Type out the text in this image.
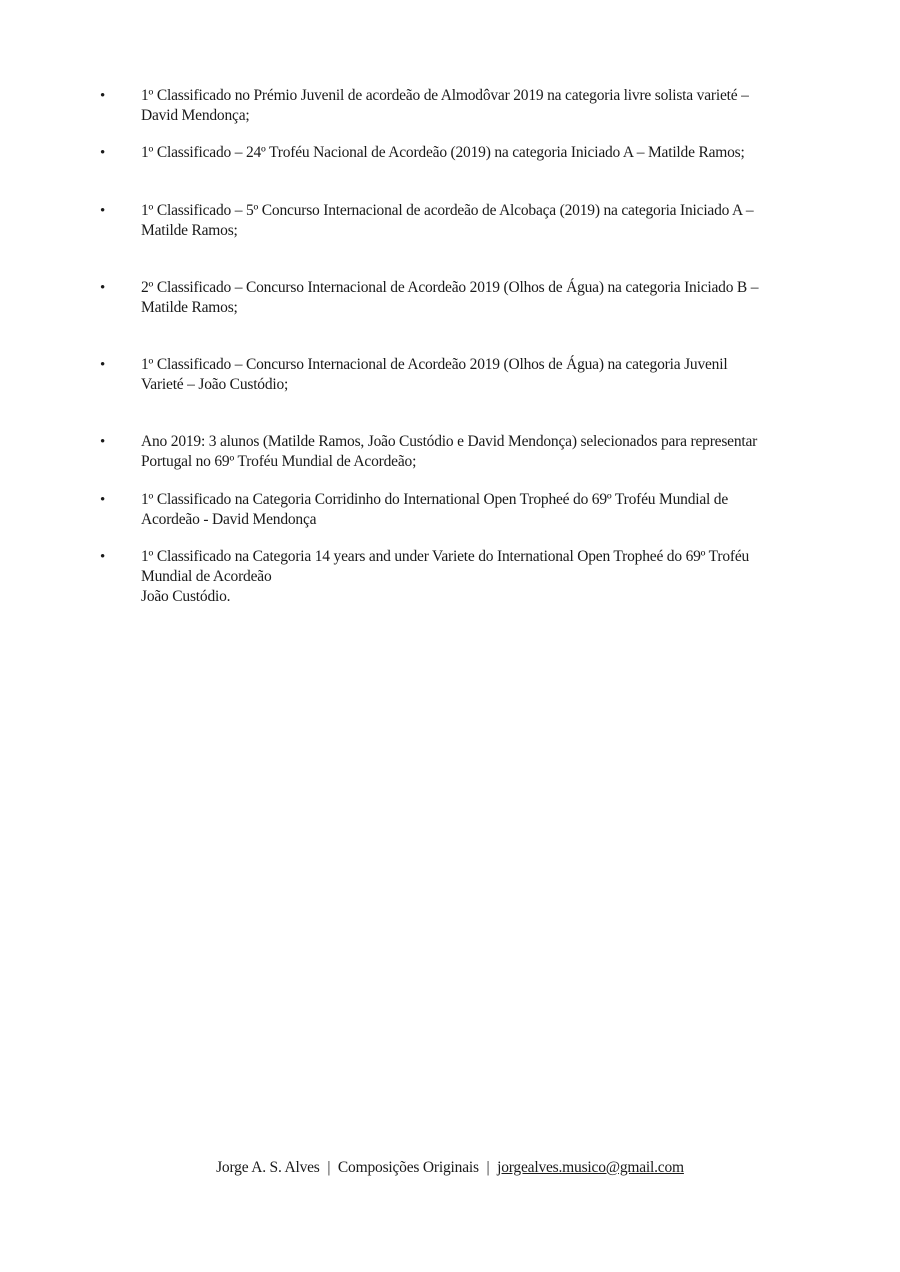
•	1º Classificado no Prémio Juvenil de acordeão de Almodôvar 2019 na categoria livre solista varieté –
David Mendonça;
•	1º Classificado – 24º Troféu Nacional de Acordeão (2019) na categoria Iniciado A – Matilde Ramos;
•	1º Classificado – 5º Concurso Internacional de acordeão de Alcobaça (2019) na categoria Iniciado A –
Matilde Ramos;
•	2º Classificado – Concurso Internacional de Acordeão 2019 (Olhos de Água) na categoria Iniciado B –
Matilde Ramos;
•	1º Classificado – Concurso Internacional de Acordeão 2019 (Olhos de Água) na categoria Juvenil
Varieté – João Custódio;
•	Ano 2019: 3 alunos (Matilde Ramos, João Custódio e David Mendonça) selecionados para representar
Portugal no 69º Troféu Mundial de Acordeão;
•	1º Classificado na Categoria Corridinho do International Open Tropheé do 69º Troféu Mundial de
Acordeão - David Mendonça
•	1º Classificado na Categoria 14 years and under Variete do International Open Tropheé do 69º Troféu
Mundial de Acordeão
João Custódio.
Jorge A. S. Alves | Composições Originais | jorgealves.musico@gmail.com
